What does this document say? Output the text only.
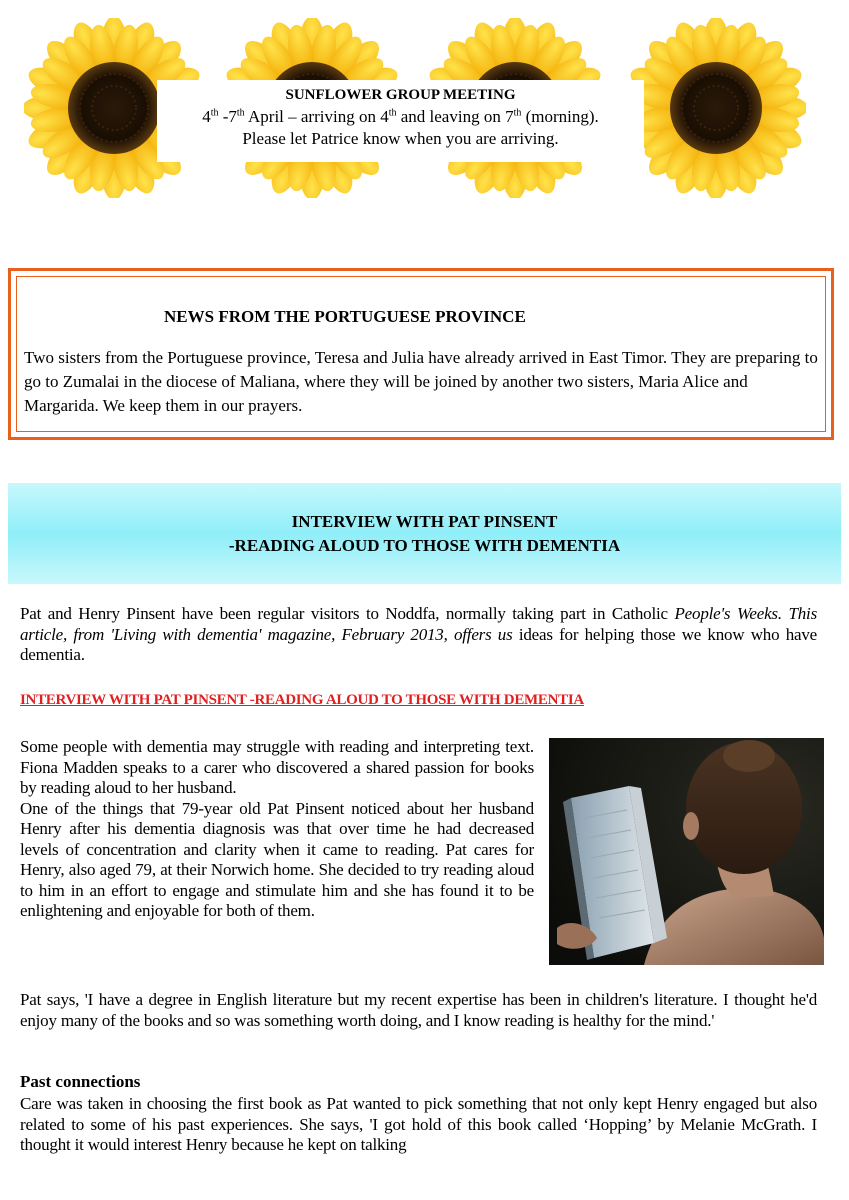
SUNFLOWER GROUP MEETING
4th -7th April – arriving on 4th and leaving on 7th (morning).
Please let Patrice know when you are arriving.
NEWS FROM THE PORTUGUESE PROVINCE
Two sisters from the Portuguese province, Teresa and Julia have already arrived in East Timor. They are preparing to go to Zumalai in the diocese of Maliana, where they will be joined by another two sisters, Maria Alice and Margarida. We keep them in our prayers.
INTERVIEW WITH PAT PINSENT
-READING ALOUD TO THOSE WITH DEMENTIA
Pat and Henry Pinsent have been regular visitors to Noddfa, normally taking part in Catholic People's Weeks. This article, from 'Living with dementia' magazine, February 2013, offers us ideas for helping those we know who have dementia.
INTERVIEW WITH PAT PINSENT -READING ALOUD TO THOSE WITH DEMENTIA
Some people with dementia may struggle with reading and interpreting text. Fiona Madden speaks to a carer who discovered a shared passion for books by reading aloud to her husband.
One of the things that 79-year old Pat Pinsent noticed about her husband Henry after his dementia diagnosis was that over time he had decreased levels of concentration and clarity when it came to reading. Pat cares for Henry, also aged 79, at their Norwich home. She decided to try reading aloud to him in an effort to engage and stimulate him and she has found it to be enlightening and enjoyable for both of them.
Pat says, 'I have a degree in English literature but my recent expertise has been in children's literature. I thought he'd enjoy many of the books and so was something worth doing, and I know reading is healthy for the mind.'
Past connections
Care was taken in choosing the first book as Pat wanted to pick something that not only kept Henry engaged but also related to some of his past experiences. She says, 'I got hold of this book called ‘Hopping’ by Melanie McGrath. I thought it would interest Henry because he kept on talking
